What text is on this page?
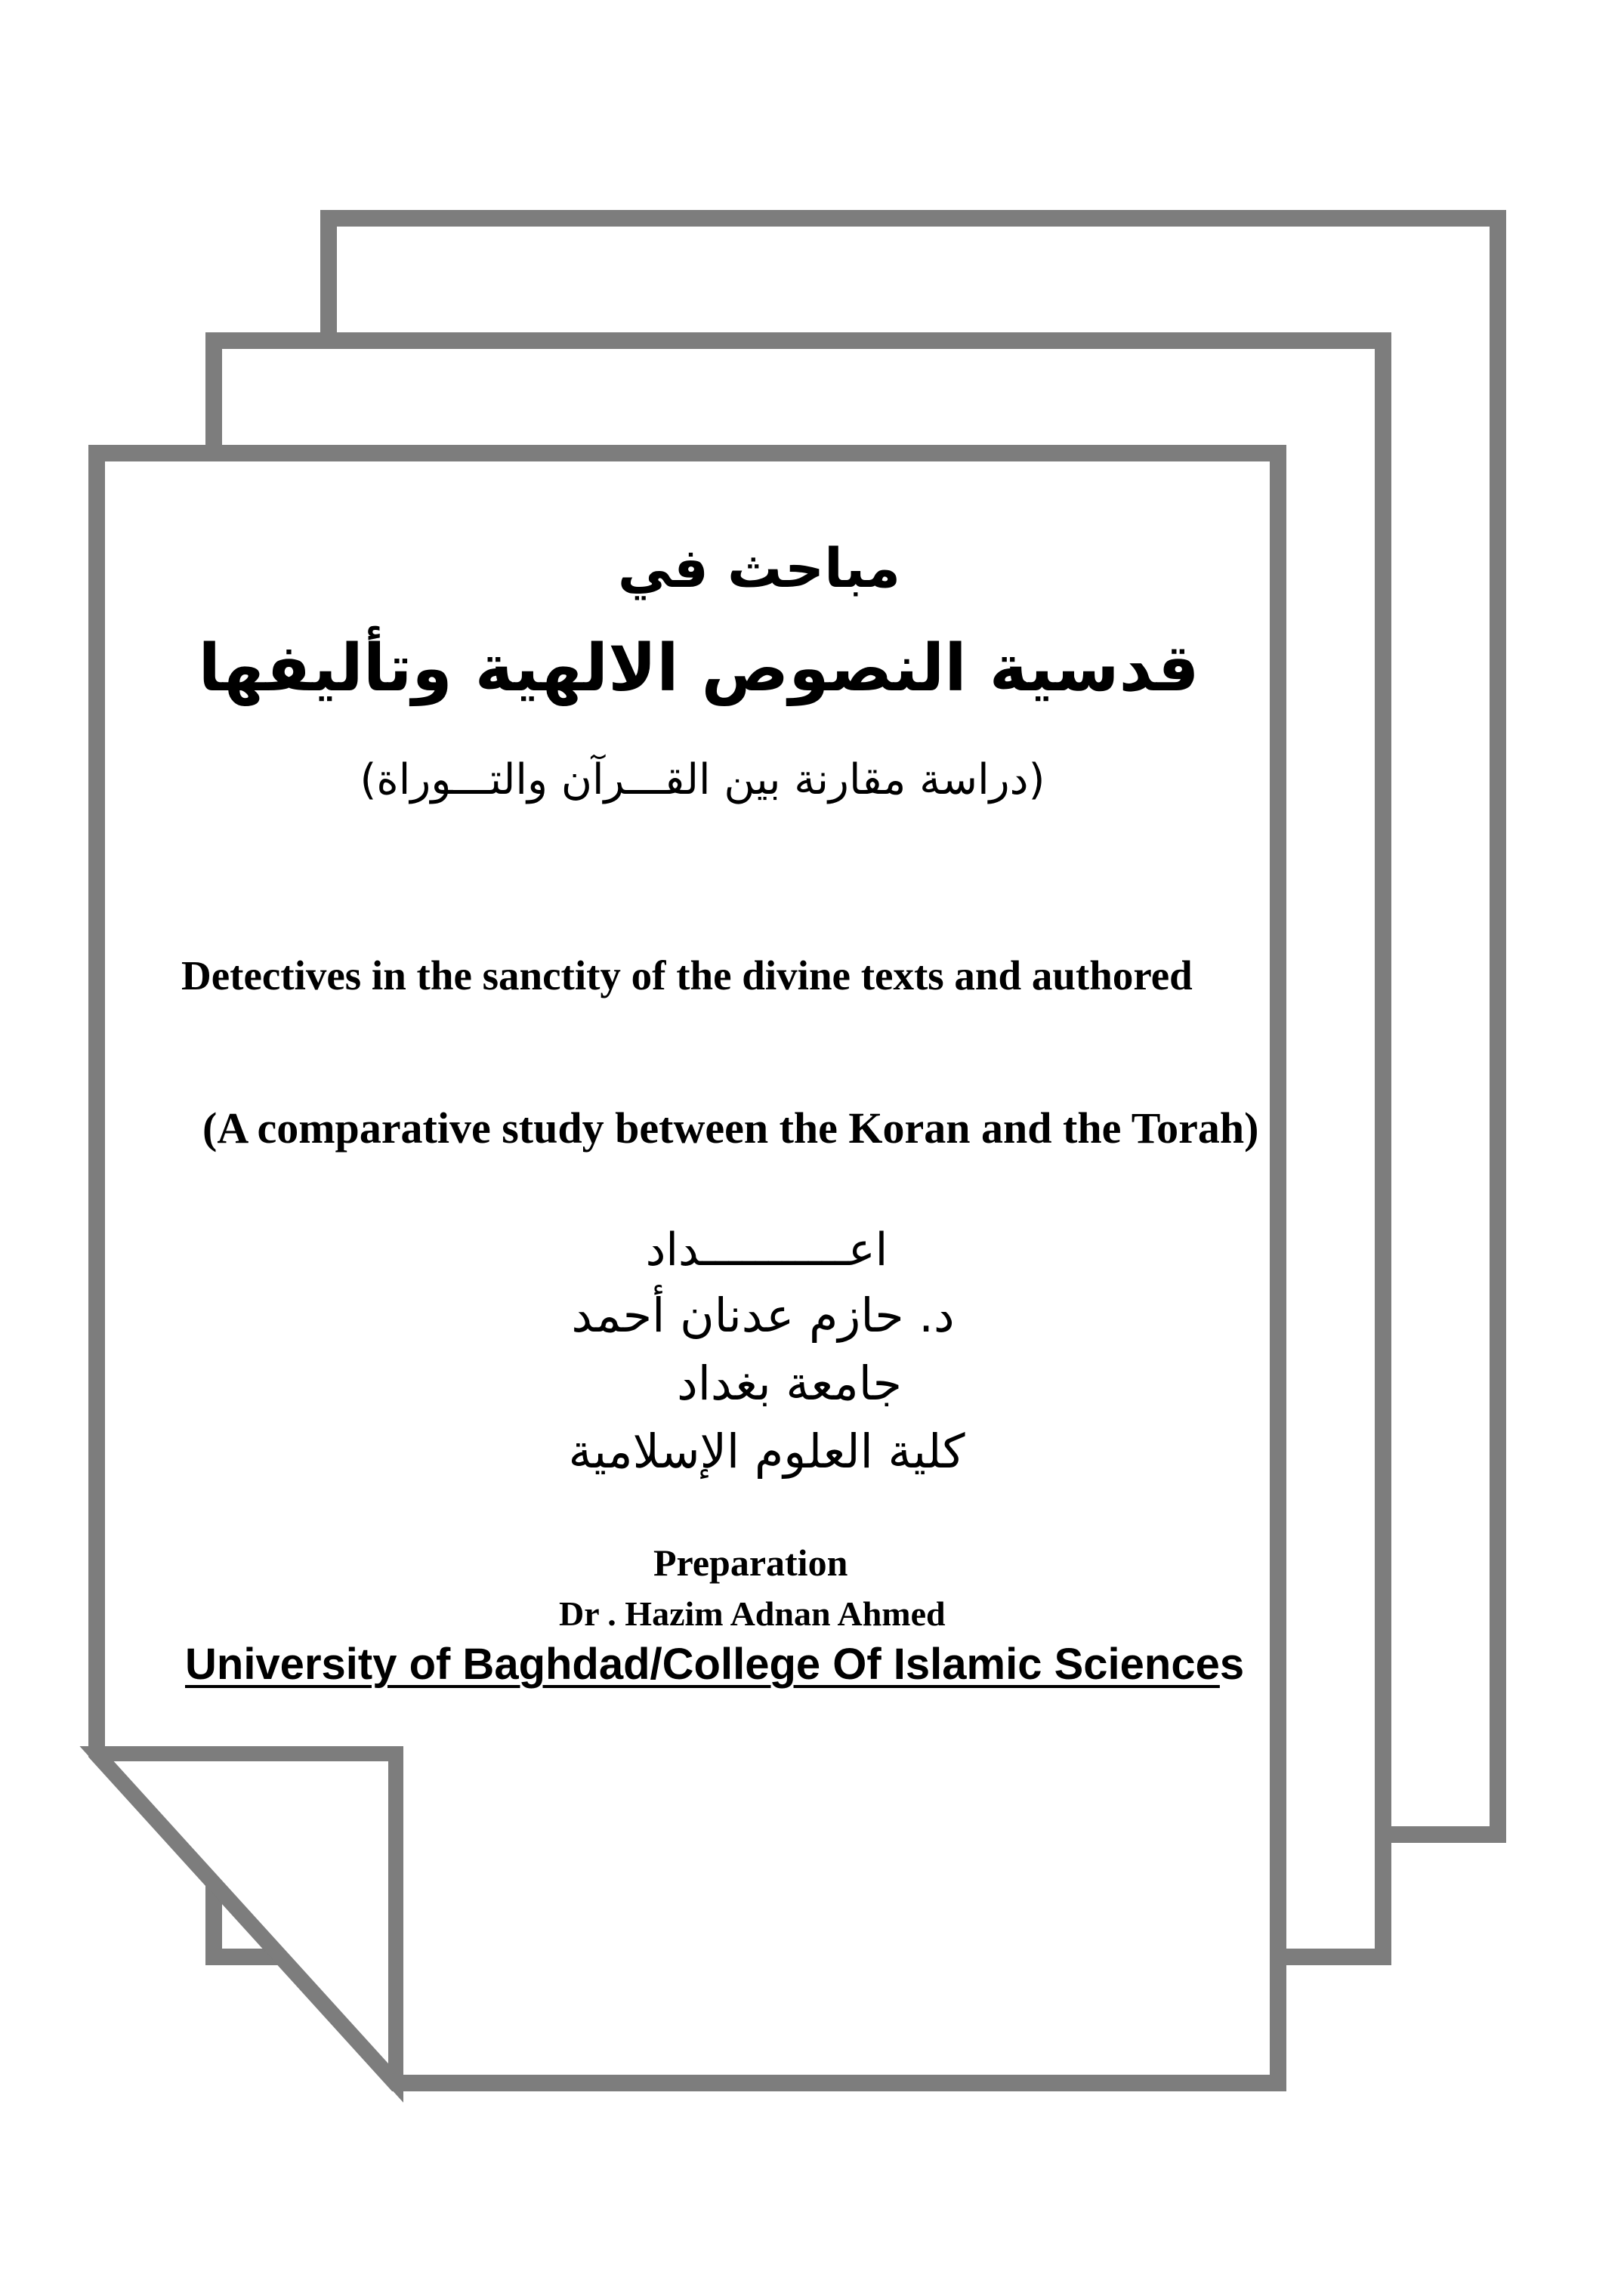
مباحث في
قدسية النصوص الالهية وتأليفها
(دراسة مقارنة بين القـــرآن والتـــوراة)
Detectives in the sanctity of the divine texts and authored
(A comparative study between the Koran and the Torah)
اعـــــــــــداد
د. حازم عدنان أحمد
جامعة بغداد
كلية العلوم الإسلامية
Preparation
Dr . Hazim Adnan Ahmed
University of Baghdad/College Of Islamic Sciences
